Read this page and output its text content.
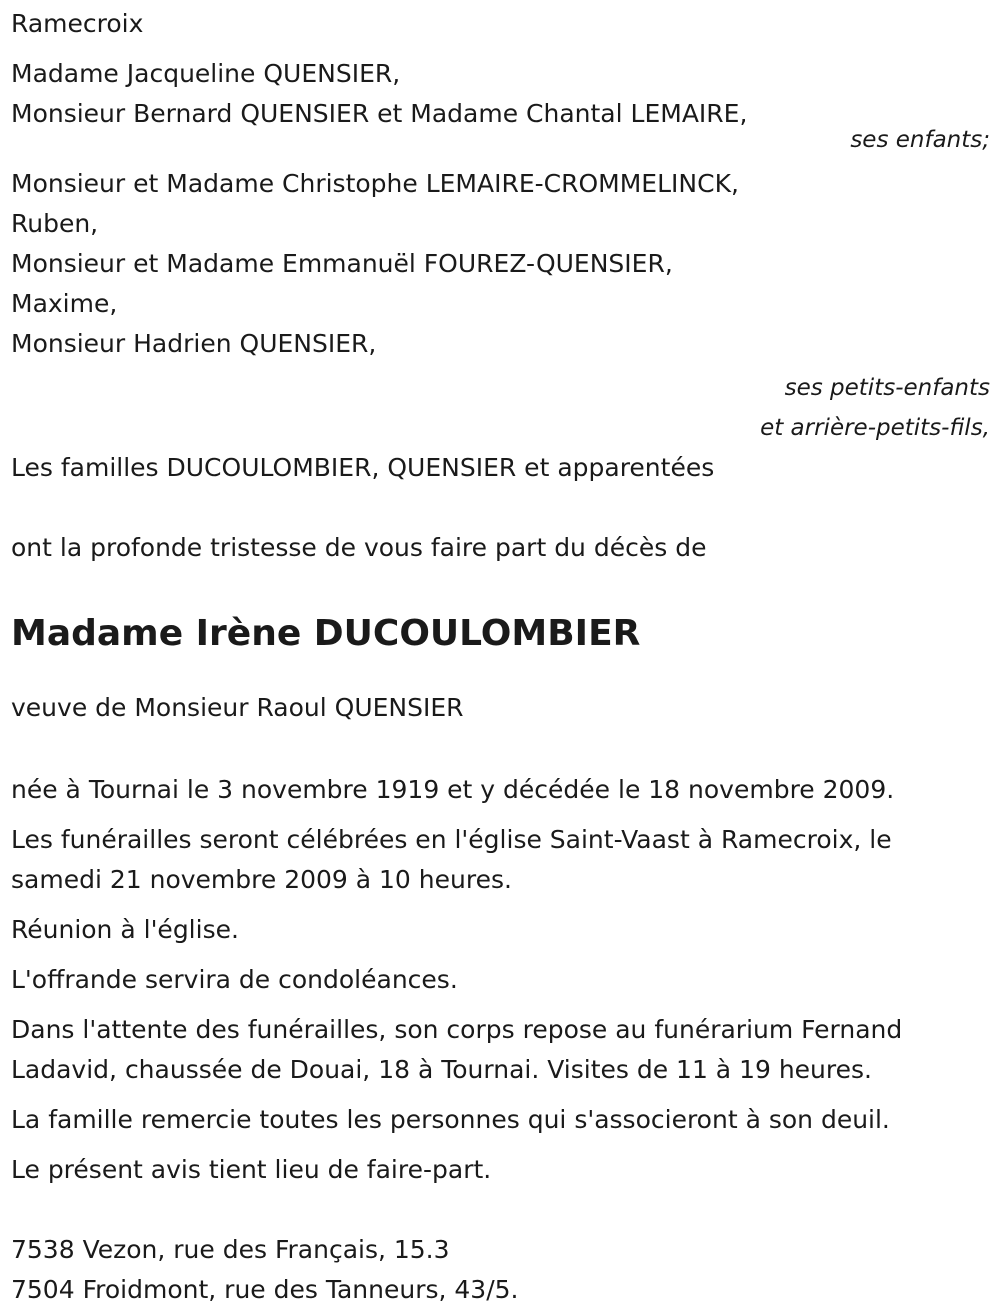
Ramecroix
Madame Jacqueline QUENSIER,
Monsieur Bernard QUENSIER et Madame Chantal LEMAIRE,
ses enfants;
Monsieur et Madame Christophe LEMAIRE-CROMMELINCK,
Ruben,
Monsieur et Madame Emmanuël FOUREZ-QUENSIER,
Maxime,
Monsieur Hadrien QUENSIER,
ses petits-enfants
et arrière-petits-fils,
Les familles DUCOULOMBIER, QUENSIER et apparentées
ont la profonde tristesse de vous faire part du décès de
Madame Irène DUCOULOMBIER
veuve de Monsieur Raoul QUENSIER
née à Tournai le 3 novembre 1919 et y décédée le 18 novembre 2009.
Les funérailles seront célébrées en l'église Saint-Vaast à Ramecroix, le
samedi 21 novembre 2009 à 10 heures.
Réunion à l'église.
L'offrande servira de condoléances.
Dans l'attente des funérailles, son corps repose au funérarium Fernand
Ladavid, chaussée de Douai, 18 à Tournai. Visites de 11 à 19 heures.
La famille remercie toutes les personnes qui s'associeront à son deuil.
Le présent avis tient lieu de faire-part.
7538 Vezon, rue des Français, 15.3
7504 Froidmont, rue des Tanneurs, 43/5.
